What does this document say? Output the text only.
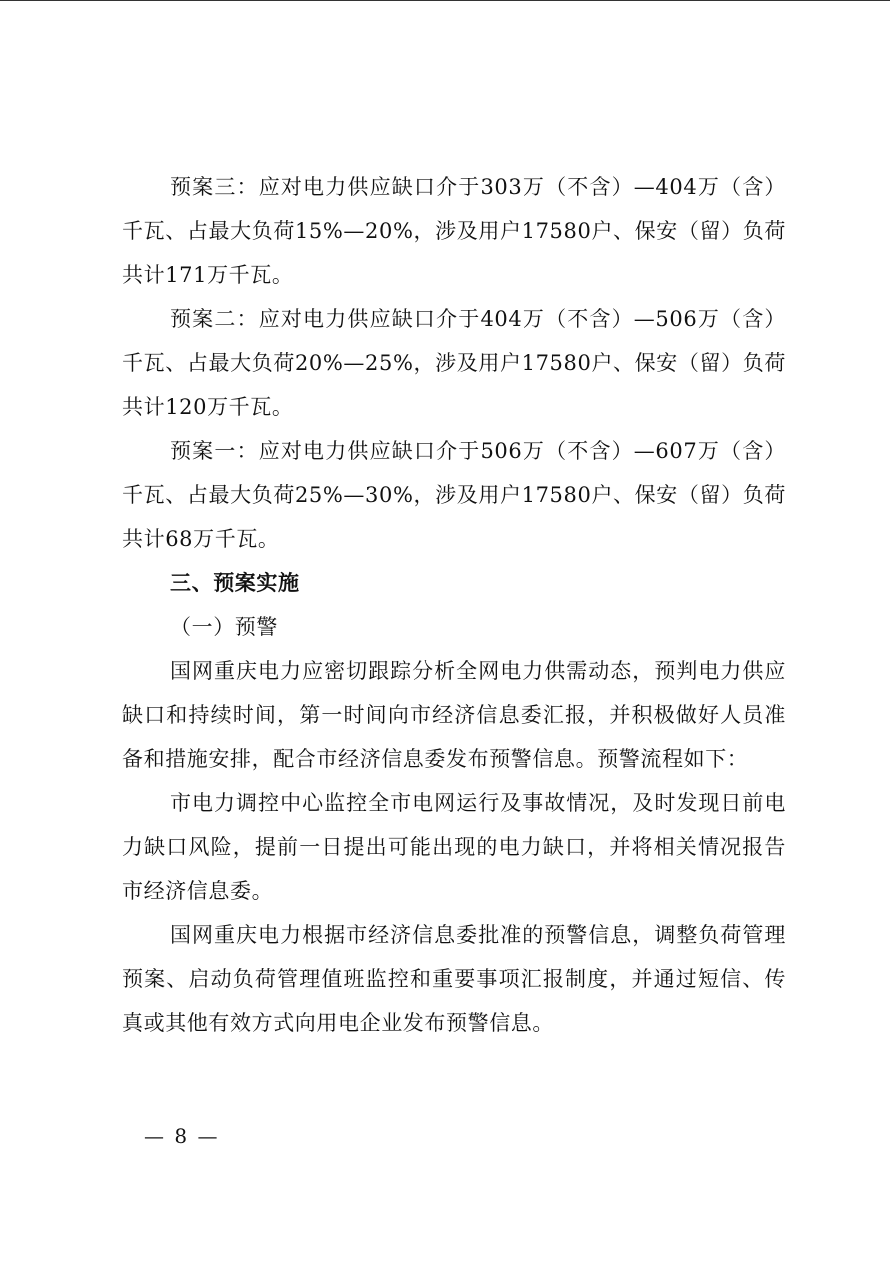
预案三：应对电力供应缺口介于303万（不含）—404万（含）千瓦、占最大负荷15%—20%，涉及用户17580户、保安（留）负荷共计171万千瓦。

预案二：应对电力供应缺口介于404万（不含）—506万（含）千瓦、占最大负荷20%—25%，涉及用户17580户、保安（留）负荷共计120万千瓦。

预案一：应对电力供应缺口介于506万（不含）—607万（含）千瓦、占最大负荷25%—30%，涉及用户17580户、保安（留）负荷共计68万千瓦。

三、预案实施

（一）预警

国网重庆电力应密切跟踪分析全网电力供需动态，预判电力供应缺口和持续时间，第一时间向市经济信息委汇报，并积极做好人员准备和措施安排，配合市经济信息委发布预警信息。预警流程如下：

市电力调控中心监控全市电网运行及事故情况，及时发现日前电力缺口风险，提前一日提出可能出现的电力缺口，并将相关情况报告市经济信息委。

国网重庆电力根据市经济信息委批准的预警信息，调整负荷管理预案、启动负荷管理值班监控和重要事项汇报制度，并通过短信、传真或其他有效方式向用电企业发布预警信息。

— 8 —
